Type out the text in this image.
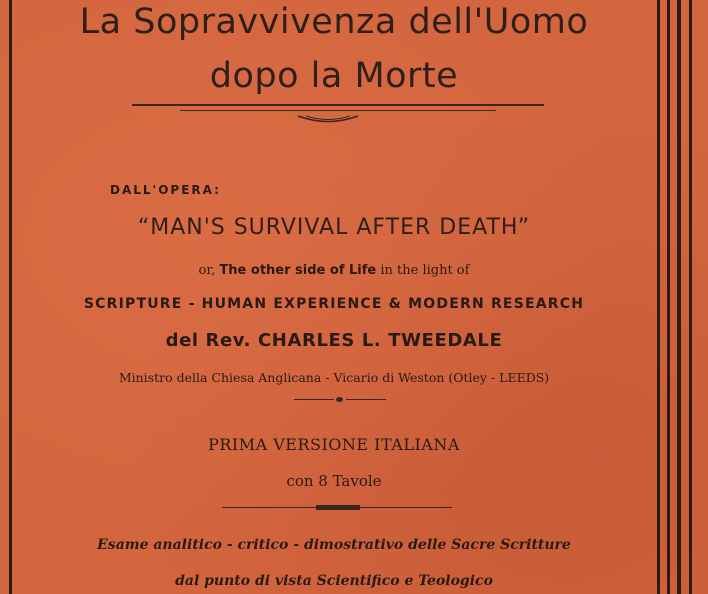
La Sopravvivenza dell'Uomo
dopo la Morte
DALL'OPERA:
“MAN'S SURVIVAL AFTER DEATH”
or, The other side of Life in the light of
SCRIPTURE - HUMAN EXPERIENCE & MODERN RESEARCH
del Rev. CHARLES L. TWEEDALE
Ministro della Chiesa Anglicana - Vicario di Weston (Otley - LEEDS)
PRIMA VERSIONE ITALIANA
con 8 Tavole
Esame analitico - critico - dimostrativo delle Sacre Scritture
dal punto di vista Scientifico e Teologico
